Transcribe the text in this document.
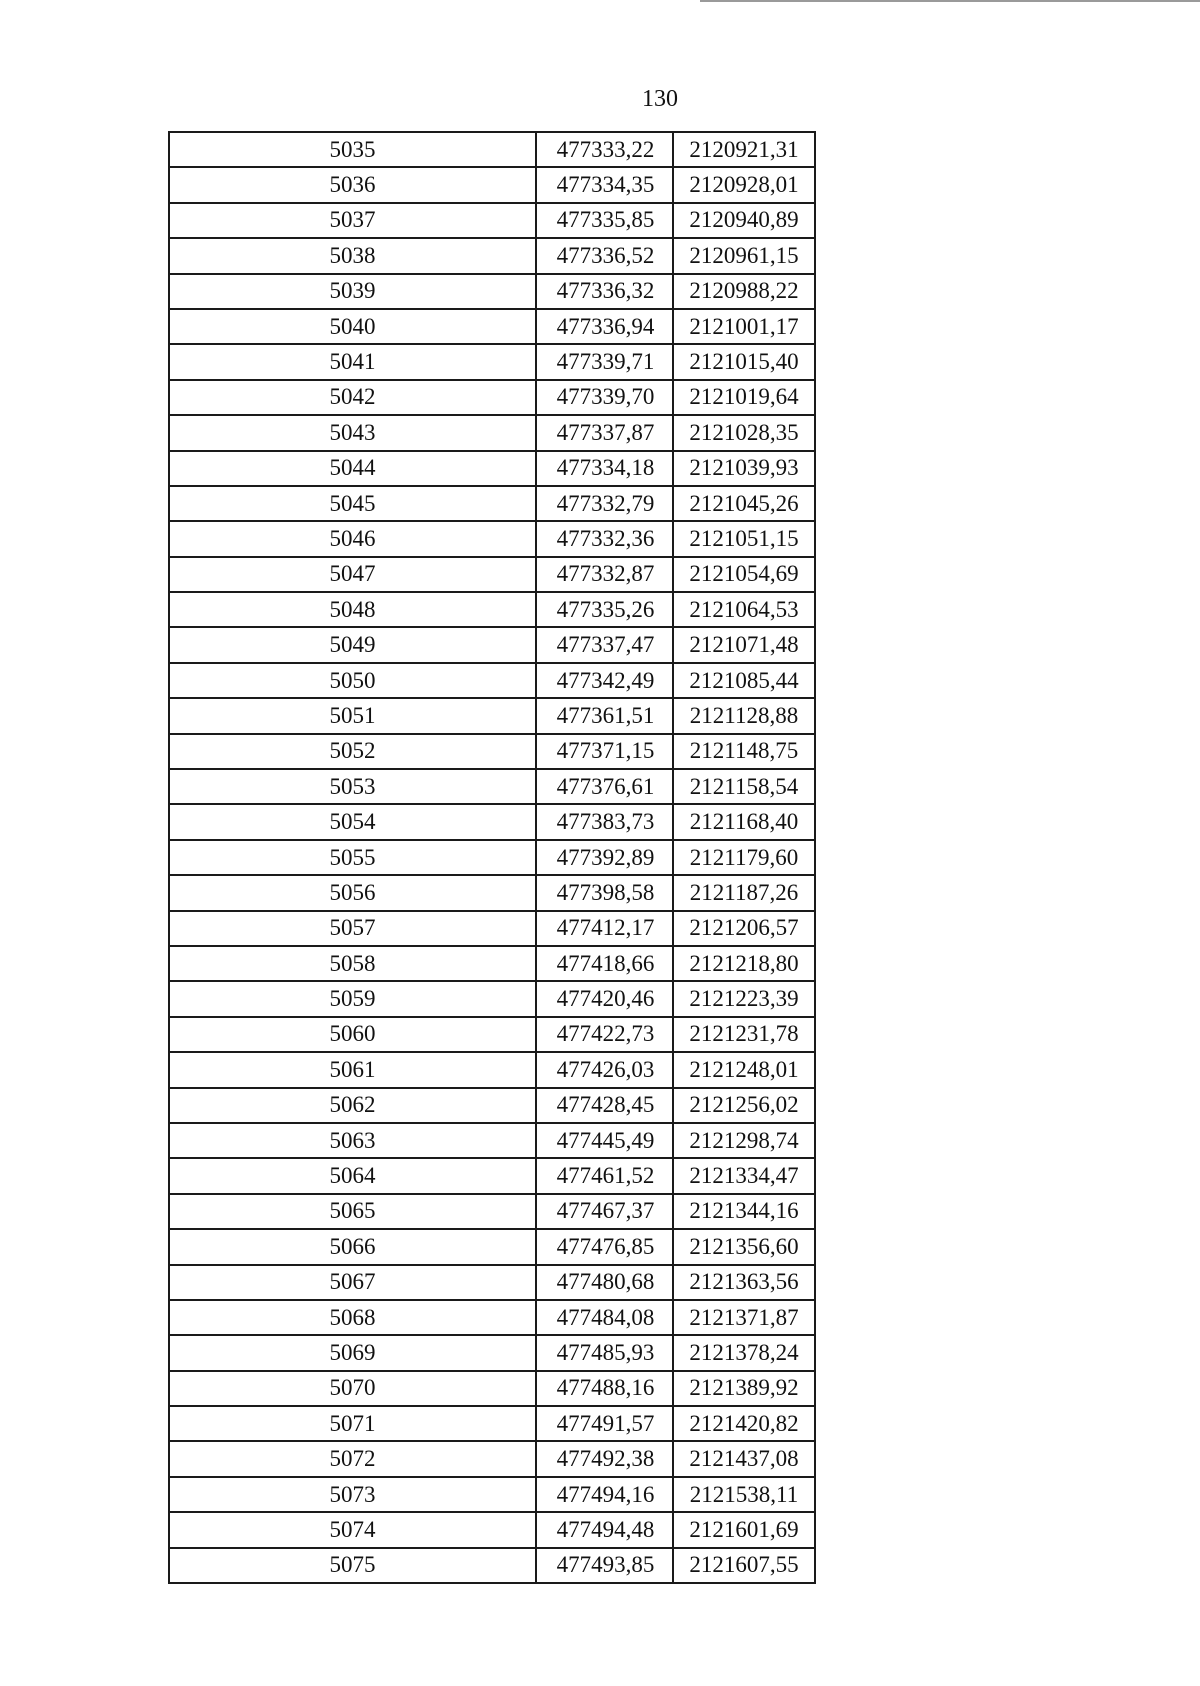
130
5035	477333,22	2120921,31
5036	477334,35	2120928,01
5037	477335,85	2120940,89
5038	477336,52	2120961,15
5039	477336,32	2120988,22
5040	477336,94	2121001,17
5041	477339,71	2121015,40
5042	477339,70	2121019,64
5043	477337,87	2121028,35
5044	477334,18	2121039,93
5045	477332,79	2121045,26
5046	477332,36	2121051,15
5047	477332,87	2121054,69
5048	477335,26	2121064,53
5049	477337,47	2121071,48
5050	477342,49	2121085,44
5051	477361,51	2121128,88
5052	477371,15	2121148,75
5053	477376,61	2121158,54
5054	477383,73	2121168,40
5055	477392,89	2121179,60
5056	477398,58	2121187,26
5057	477412,17	2121206,57
5058	477418,66	2121218,80
5059	477420,46	2121223,39
5060	477422,73	2121231,78
5061	477426,03	2121248,01
5062	477428,45	2121256,02
5063	477445,49	2121298,74
5064	477461,52	2121334,47
5065	477467,37	2121344,16
5066	477476,85	2121356,60
5067	477480,68	2121363,56
5068	477484,08	2121371,87
5069	477485,93	2121378,24
5070	477488,16	2121389,92
5071	477491,57	2121420,82
5072	477492,38	2121437,08
5073	477494,16	2121538,11
5074	477494,48	2121601,69
5075	477493,85	2121607,55
